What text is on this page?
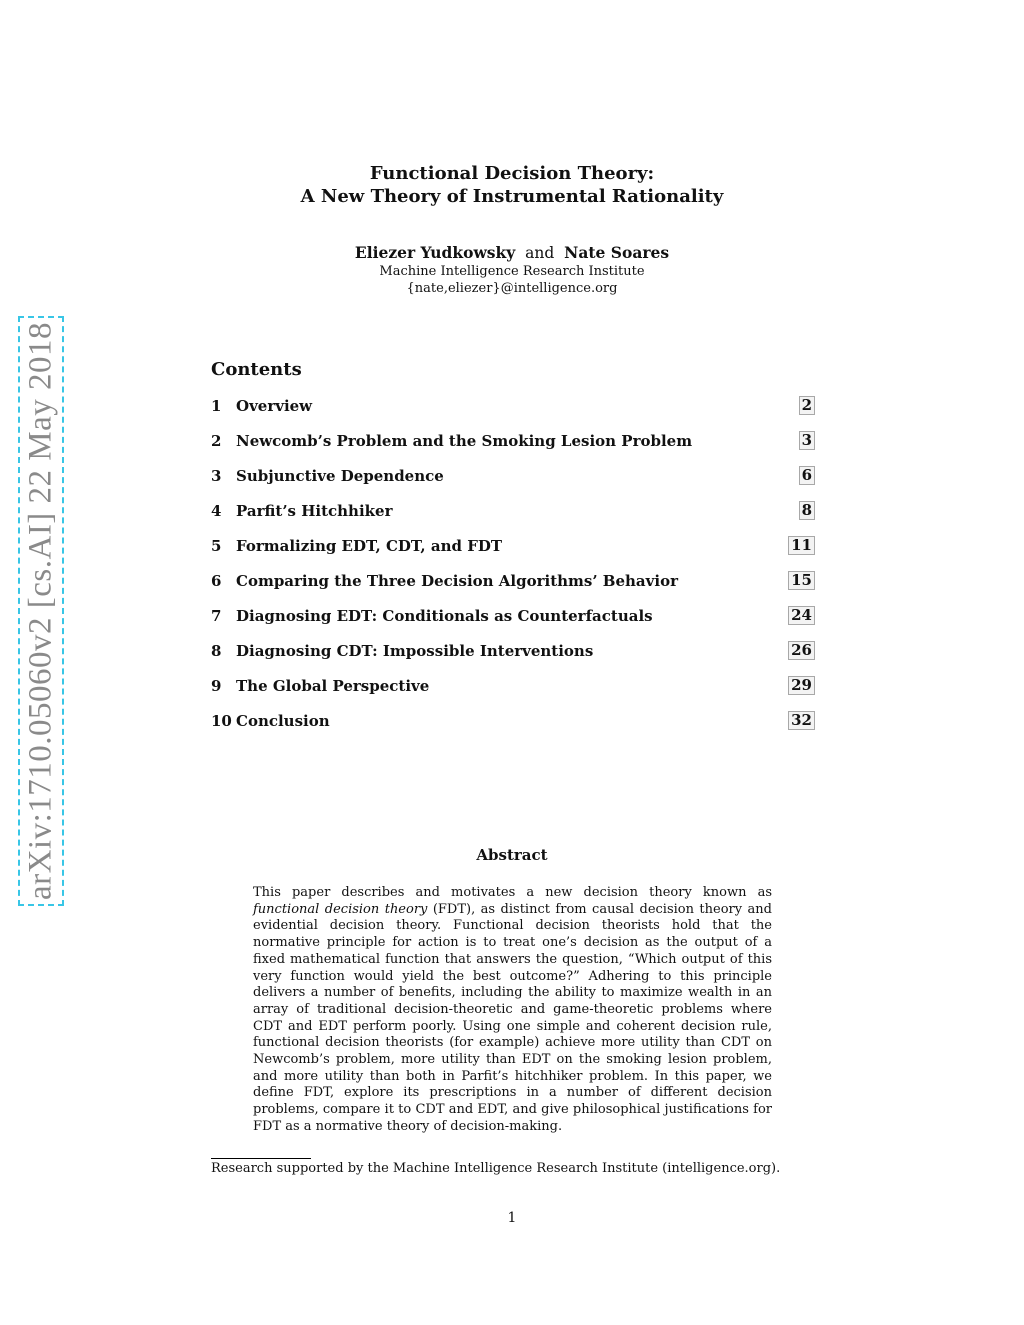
arXiv:1710.05060v2 [cs.AI] 22 May 2018
Functional Decision Theory:
A New Theory of Instrumental Rationality
Eliezer Yudkowsky and Nate Soares
Machine Intelligence Research Institute
{nate,eliezer}@intelligence.org
Contents
1 Overview	2
2 Newcomb’s Problem and the Smoking Lesion Problem	3
3 Subjunctive Dependence	6
4 Parfit’s Hitchhiker	8
5 Formalizing EDT, CDT, and FDT	11
6 Comparing the Three Decision Algorithms’ Behavior	15
7 Diagnosing EDT: Conditionals as Counterfactuals	24
8 Diagnosing CDT: Impossible Interventions	26
9 The Global Perspective	29
10 Conclusion	32
Abstract
This paper describes and motivates a new decision theory known as functional decision theory (FDT), as distinct from causal decision theory and evidential decision theory. Functional decision theorists hold that the normative principle for action is to treat one’s decision as the output of a fixed mathematical function that answers the question, “Which output of this very function would yield the best outcome?” Adhering to this principle delivers a number of benefits, including the ability to maximize wealth in an array of traditional decision-theoretic and game-theoretic problems where CDT and EDT perform poorly. Using one simple and coherent decision rule, functional decision theorists (for example) achieve more utility than CDT on Newcomb’s problem, more utility than EDT on the smoking lesion problem, and more utility than both in Parfit’s hitchhiker problem. In this paper, we define FDT, explore its prescriptions in a number of different decision problems, compare it to CDT and EDT, and give philosophical justifications for FDT as a normative theory of decision-making.
Research supported by the Machine Intelligence Research Institute (intelligence.org).
1
